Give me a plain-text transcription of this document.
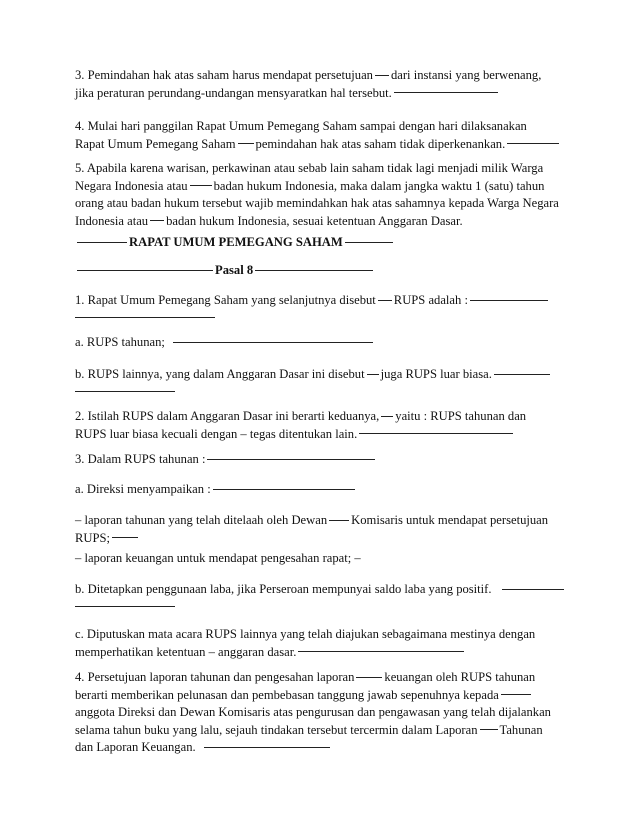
3. Pemindahan hak atas saham harus mendapat persetujuan dari instansi yang berwenang,
jika peraturan perundang-undangan mensyaratkan hal tersebut.
4. Mulai hari panggilan Rapat Umum Pemegang Saham sampai dengan hari dilaksanakan
Rapat Umum Pemegang Saham pemindahan hak atas saham tidak diperkenankan.
5. Apabila karena warisan, perkawinan atau sebab lain saham tidak lagi menjadi milik Warga
Negara Indonesia atau badan hukum Indonesia, maka dalam jangka waktu 1 (satu) tahun
orang atau badan hukum tersebut wajib memindahkan hak atas sahamnya kepada Warga Negara
Indonesia atau badan hukum Indonesia, sesuai ketentuan Anggaran Dasar.
RAPAT UMUM PEMEGANG SAHAM
Pasal 8
1. Rapat Umum Pemegang Saham yang selanjutnya disebut RUPS adalah :
a. RUPS tahunan;
b. RUPS lainnya, yang dalam Anggaran Dasar ini disebut juga RUPS luar biasa.
2. Istilah RUPS dalam Anggaran Dasar ini berarti keduanya, yaitu : RUPS tahunan dan
RUPS luar biasa kecuali dengan – tegas ditentukan lain.
3. Dalam RUPS tahunan :
a. Direksi menyampaikan :
– laporan tahunan yang telah ditelaah oleh Dewan Komisaris untuk mendapat persetujuan
RUPS;
– laporan keuangan untuk mendapat pengesahan rapat; –
b. Ditetapkan penggunaan laba, jika Perseroan mempunyai saldo laba yang positif.
c. Diputuskan mata acara RUPS lainnya yang telah diajukan sebagaimana mestinya dengan
memperhatikan ketentuan – anggaran dasar.
4. Persetujuan laporan tahunan dan pengesahan laporan keuangan oleh RUPS tahunan
berarti memberikan pelunasan dan pembebasan tanggung jawab sepenuhnya kepada
anggota Direksi dan Dewan Komisaris atas pengurusan dan pengawasan yang telah dijalankan
selama tahun buku yang lalu, sejauh tindakan tersebut tercermin dalam Laporan Tahunan
dan Laporan Keuangan.
